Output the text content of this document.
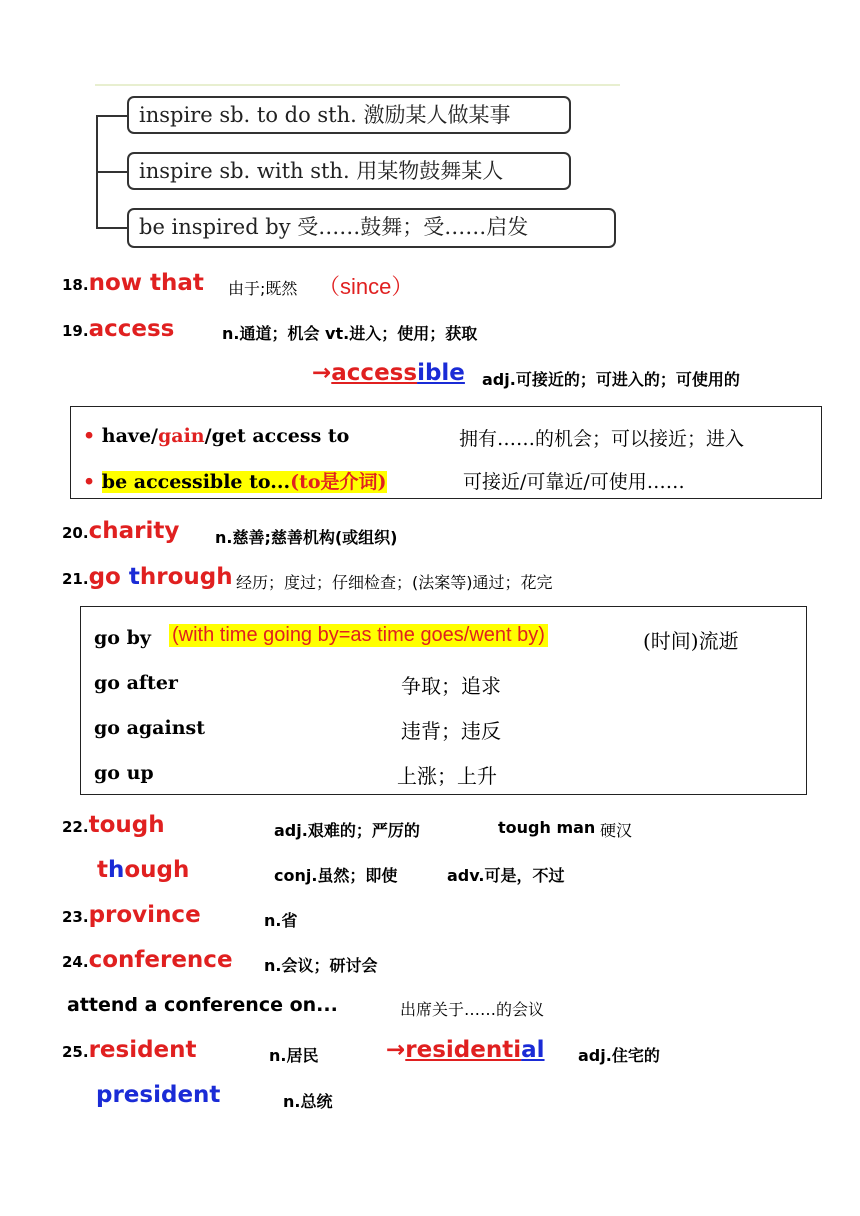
inspire sb. to do sth. 激励某人做某事
inspire sb. with sth. 用某物鼓舞某人
be inspired by 受……鼓舞；受……启发
18.now that 由于;既然 （since）
19.access	n.通道；机会 vt.进入；使用；获取
→accessible adj.可接近的；可进入的；可使用的
• have/gain/get access to	拥有……的机会；可以接近；进入
• be accessible to...(to是介词)	可接近/可靠近/可使用……
20.charity n.慈善;慈善机构(或组织)
21.go through 经历；度过；仔细检查；(法案等)通过；花完
go by (with time going by=as time goes/went by)	(时间)流逝
go after	争取；追求
go against	违背；违反
go up	上涨；上升
22.tough	adj.艰难的；严厉的	tough man 硬汉
though	conj.虽然；即使	adv.可是，不过
23.province	n.省
24.conference n.会议；研讨会
attend a conference on...	出席关于……的会议
25.resident	n.居民	→residential adj.住宅的
president	n.总统
